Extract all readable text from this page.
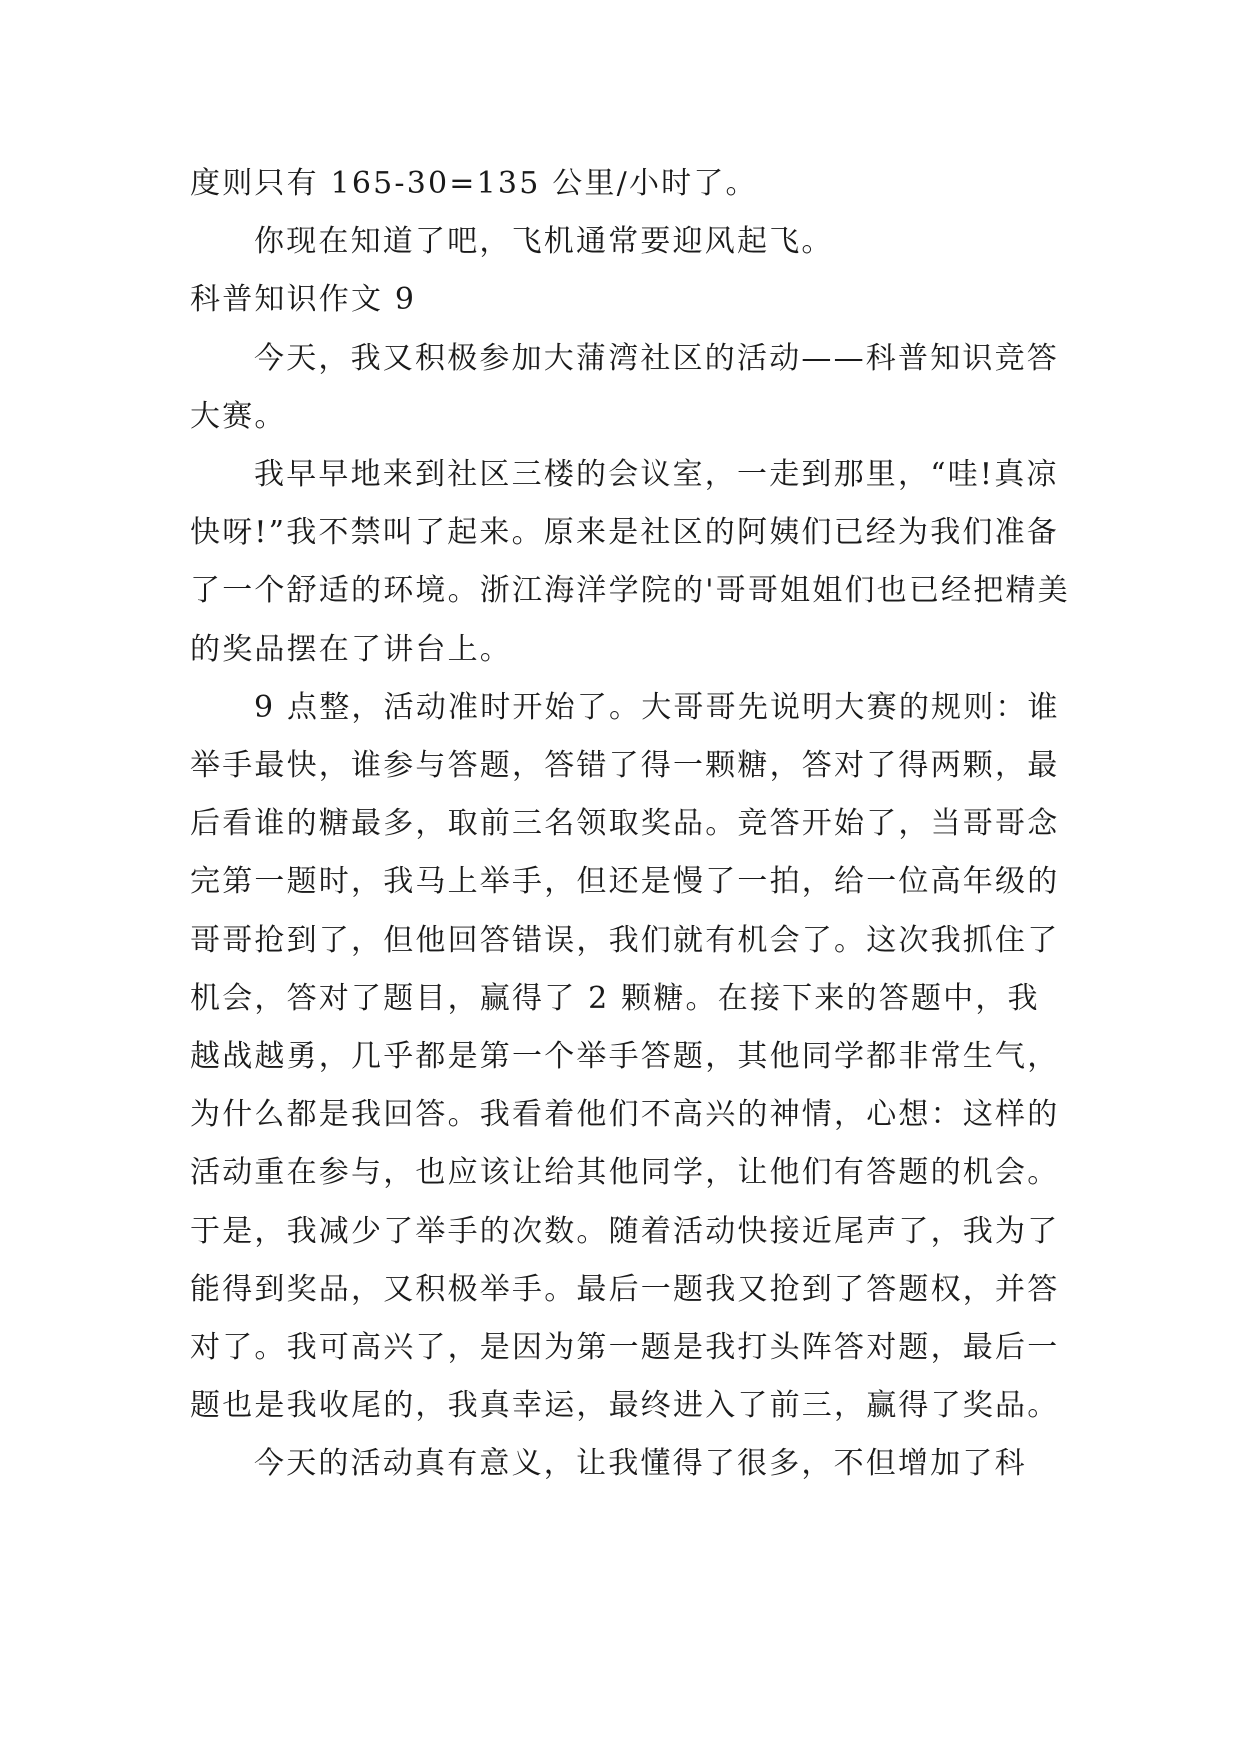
度则只有 165-30=135 公里/小时了。

你现在知道了吧，飞机通常要迎风起飞。

科普知识作文 9

今天，我又积极参加大蒲湾社区的活动——科普知识竞答大赛。

我早早地来到社区三楼的会议室，一走到那里，“哇!真凉快呀!”我不禁叫了起来。原来是社区的阿姨们已经为我们准备了一个舒适的环境。浙江海洋学院的'哥哥姐姐们也已经把精美的奖品摆在了讲台上。

9 点整，活动准时开始了。大哥哥先说明大赛的规则：谁举手最快，谁参与答题，答错了得一颗糖，答对了得两颗，最后看谁的糖最多，取前三名领取奖品。竞答开始了，当哥哥念完第一题时，我马上举手，但还是慢了一拍，给一位高年级的哥哥抢到了，但他回答错误，我们就有机会了。这次我抓住了机会，答对了题目，赢得了 2 颗糖。在接下来的答题中，我越战越勇，几乎都是第一个举手答题，其他同学都非常生气，为什么都是我回答。我看着他们不高兴的神情，心想：这样的活动重在参与，也应该让给其他同学，让他们有答题的机会。于是，我减少了举手的次数。随着活动快接近尾声了，我为了能得到奖品，又积极举手。最后一题我又抢到了答题权，并答对了。我可高兴了，是因为第一题是我打头阵答对题，最后一题也是我收尾的，我真幸运，最终进入了前三，赢得了奖品。

今天的活动真有意义，让我懂得了很多，不但增加了科
